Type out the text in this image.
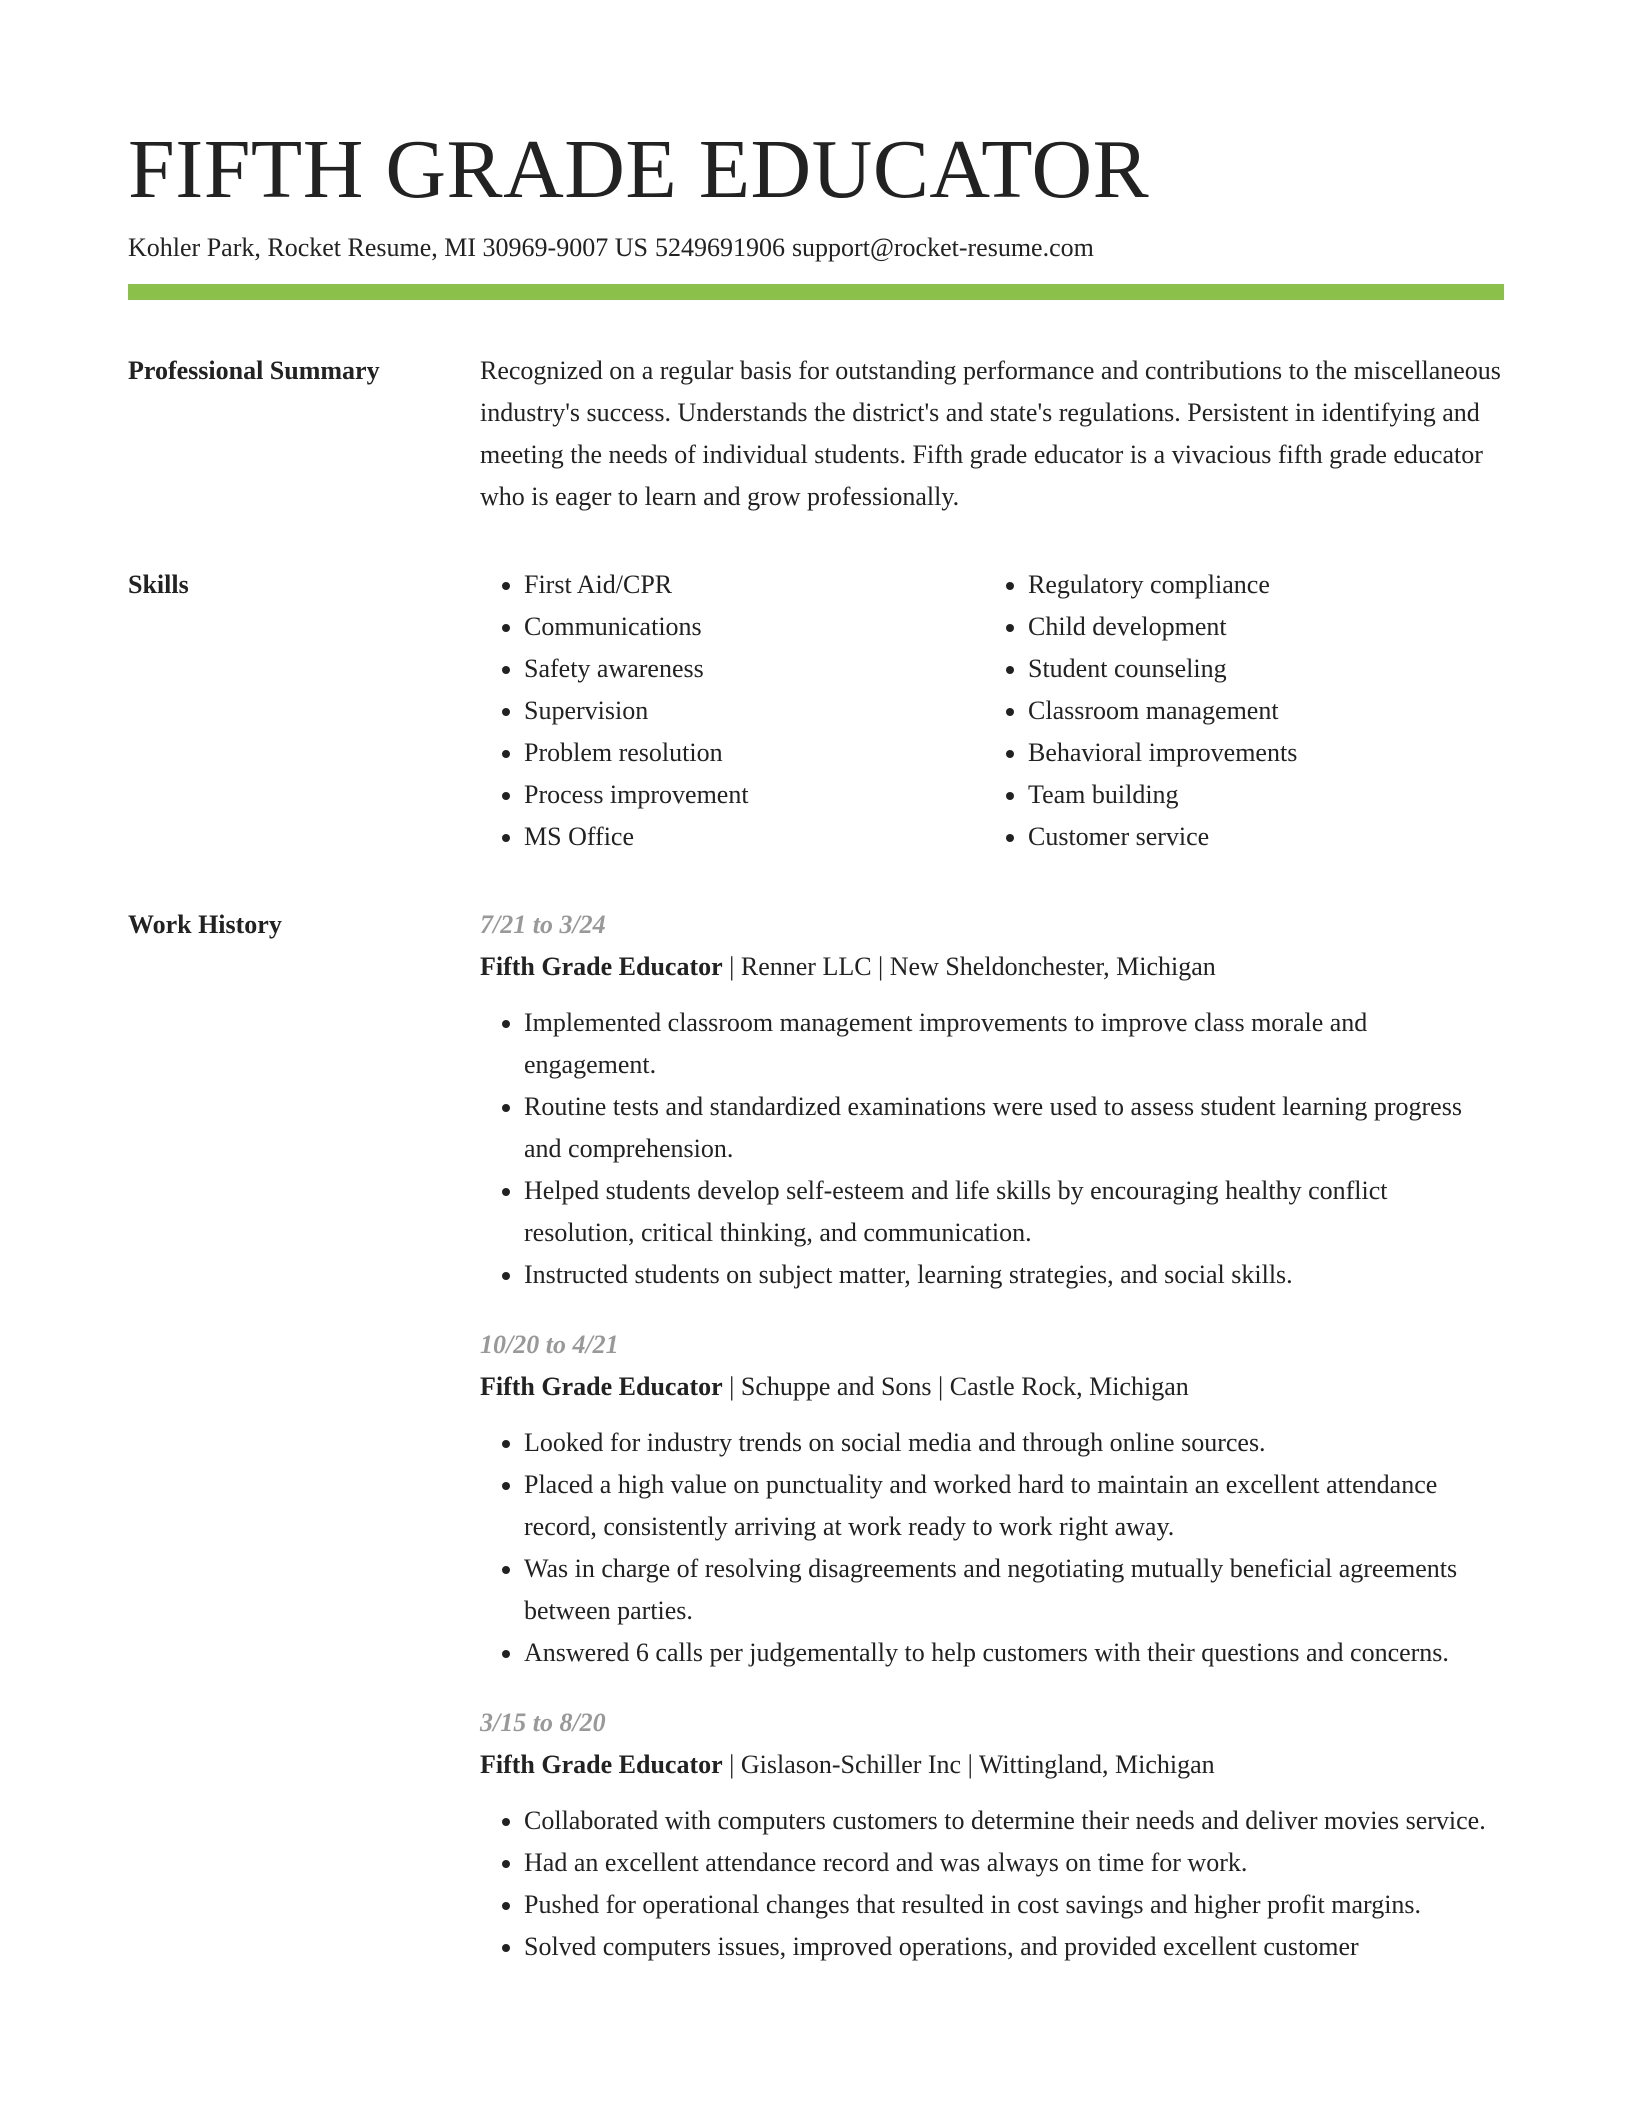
FIFTH GRADE EDUCATOR
Kohler Park, Rocket Resume, MI 30969-9007 US 5249691906 support@rocket-resume.com
Professional Summary	Recognized on a regular basis for outstanding performance and contributions to the miscellaneous industry's success. Understands the district's and state's regulations. Persistent in identifying and meeting the needs of individual students. Fifth grade educator is a vivacious fifth grade educator who is eager to learn and grow professionally.

Skills
•	First Aid/CPR
• Communications
• Safety awareness
• Supervision
• Problem resolution
• Process improvement
• MS Office
• Regulatory compliance
• Child development
• Student counseling
• Classroom management
• Behavioral improvements
• Team building
• Customer service
Work History	7/21 to 3/24
Fifth Grade Educator | Renner LLC | New Sheldonchester, Michigan
• Implemented classroom management improvements to improve class morale and engagement.
• Routine tests and standardized examinations were used to assess student learning progress and comprehension.
• Helped students develop self-esteem and life skills by encouraging healthy conflict resolution, critical thinking, and communication.
• Instructed students on subject matter, learning strategies, and social skills.
10/20 to 4/21
Fifth Grade Educator | Schuppe and Sons | Castle Rock, Michigan
• Looked for industry trends on social media and through online sources.
• Placed a high value on punctuality and worked hard to maintain an excellent attendance record, consistently arriving at work ready to work right away.
• Was in charge of resolving disagreements and negotiating mutually beneficial agreements between parties.
• Answered 6 calls per judgementally to help customers with their questions and concerns.
3/15 to 8/20
Fifth Grade Educator | Gislason-Schiller Inc | Wittingland, Michigan
• Collaborated with computers customers to determine their needs and deliver movies service.
• Had an excellent attendance record and was always on time for work.
• Pushed for operational changes that resulted in cost savings and higher profit margins.
• Solved computers issues, improved operations, and provided excellent customer
